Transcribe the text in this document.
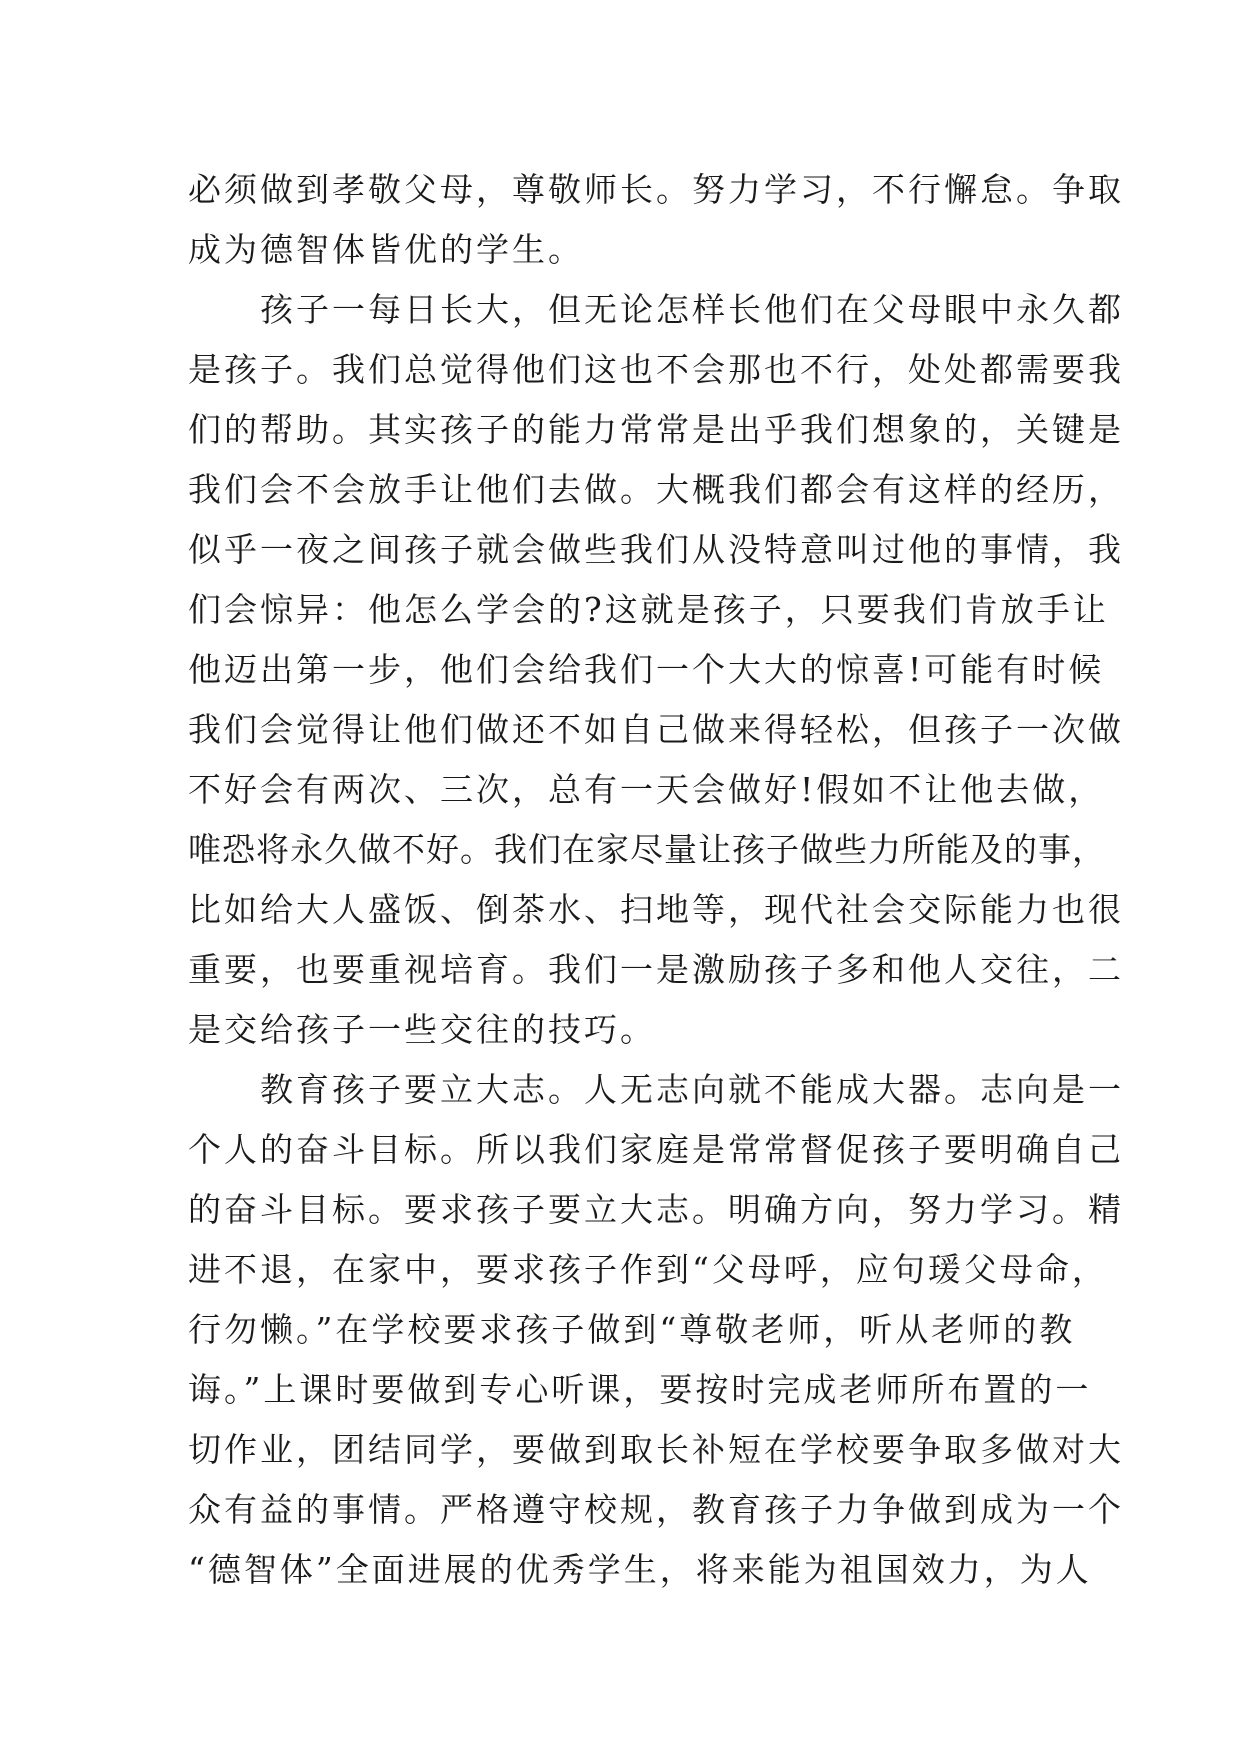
必须做到孝敬父母，尊敬师长。努力学习，不行懈怠。争取
成为德智体皆优的学生。
　　孩子一每日长大，但无论怎样长他们在父母眼中永久都
是孩子。我们总觉得他们这也不会那也不行，处处都需要我
们的帮助。其实孩子的能力常常是出乎我们想象的，关键是
我们会不会放手让他们去做。大概我们都会有这样的经历，
似乎一夜之间孩子就会做些我们从没特意叫过他的事情，我
们会惊异：他怎么学会的?这就是孩子，只要我们肯放手让
他迈出第一步，他们会给我们一个大大的惊喜!可能有时候
我们会觉得让他们做还不如自己做来得轻松，但孩子一次做
不好会有两次、三次，总有一天会做好!假如不让他去做，
唯恐将永久做不好。我们在家尽量让孩子做些力所能及的事，
比如给大人盛饭、倒茶水、扫地等，现代社会交际能力也很
重要，也要重视培育。我们一是激励孩子多和他人交往，二
是交给孩子一些交往的技巧。
　　教育孩子要立大志。人无志向就不能成大器。志向是一
个人的奋斗目标。所以我们家庭是常常督促孩子要明确自己
的奋斗目标。要求孩子要立大志。明确方向，努力学习。精
进不退，在家中，要求孩子作到“父母呼，应句瑗父母命，
行勿懒。”在学校要求孩子做到“尊敬老师，听从老师的教
诲。”上课时要做到专心听课，要按时完成老师所布置的一
切作业，团结同学，要做到取长补短在学校要争取多做对大
众有益的事情。严格遵守校规，教育孩子力争做到成为一个
“德智体”全面进展的优秀学生，将来能为祖国效力，为人
